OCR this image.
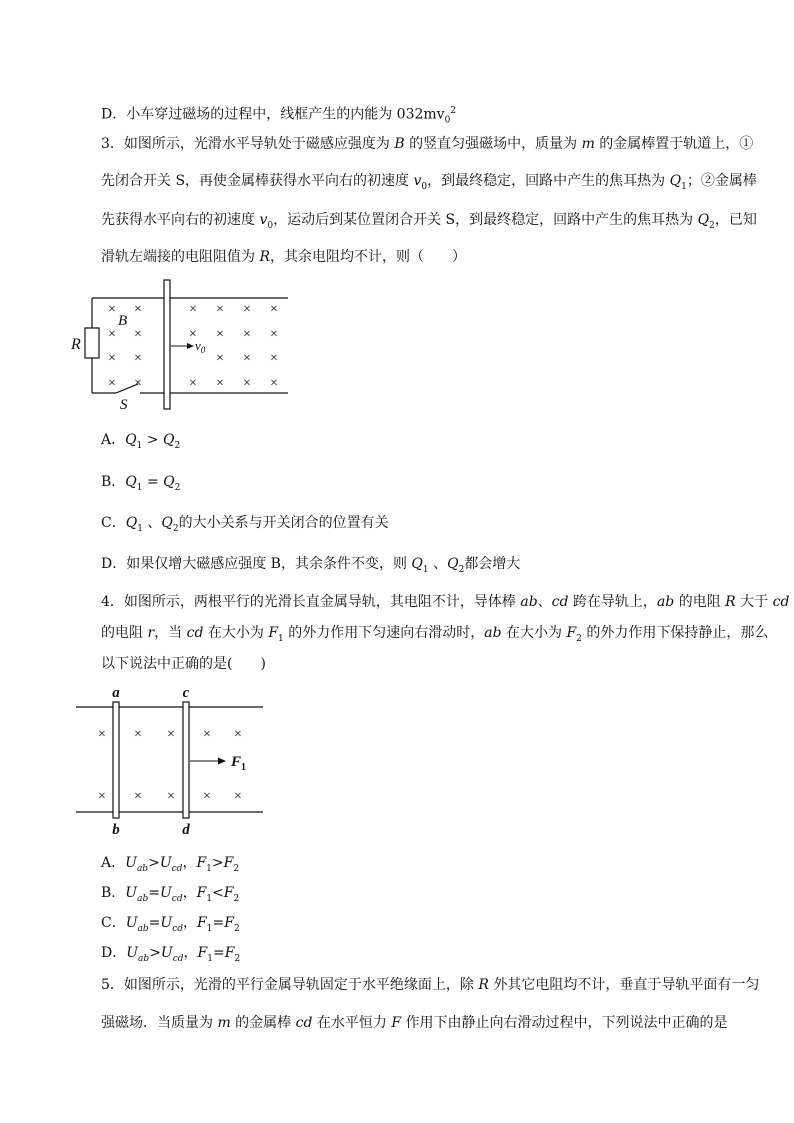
D．小车穿过磁场的过程中，线框产生的内能为 $032mv_0^2$
3．如图所示，光滑水平导轨处于磁感应强度为 B 的竖直匀强磁场中，质量为 m 的金属棒置于轨道上，①
先闭合开关 S，再使金属棒获得水平向右的初速度 $v_0$，到最终稳定，回路中产生的焦耳热为 $Q_1$；②金属棒
先获得水平向右的初速度 $v_0$，运动后到某位置闭合开关 S，到最终稳定，回路中产生的焦耳热为 $Q_2$，已知
滑轨左端接的电阻阻值为 R，其余电阻均不计，则（　　）
×
×
×
×
×
×
×
×
×
×
×
×
×
×
×
×
×
×
×
×
×
×
×
R
B
S
$v_0$
A．$Q_1 > Q_2$
B．$Q_1 = Q_2$
C．$Q_1$ 、$Q_2$的大小关系与开关闭合的位置有关
D．如果仅增大磁感应强度 B，其余条件不变，则 $Q_1$ 、$Q_2$都会增大
4．如图所示，两根平行的光滑长直金属导轨，其电阻不计，导体棒 ab、cd 跨在导轨上，ab 的电阻 R 大于 cd
的电阻 r，当 cd 在大小为 $F_1$ 的外力作用下匀速向右滑动时，ab 在大小为 $F_2$ 的外力作用下保持静止，那么
以下说法中正确的是(　　)
× × × × ×
× × × × ×
a	c
b	d
$F_1$
A．$U_{ab}>U_{cd}$，$F_1>F_2$
B．$U_{ab}=U_{cd}$，$F_1<F_2$
C．$U_{ab}=U_{cd}$，$F_1=F_2$
D．$U_{ab}>U_{cd}$，$F_1=F_2$
5．如图所示，光滑的平行金属导轨固定于水平绝缘面上，除 R 外其它电阻均不计，垂直于导轨平面有一匀
强磁场．当质量为 m 的金属棒 cd 在水平恒力 F 作用下由静止向右滑动过程中，下列说法中正确的是
